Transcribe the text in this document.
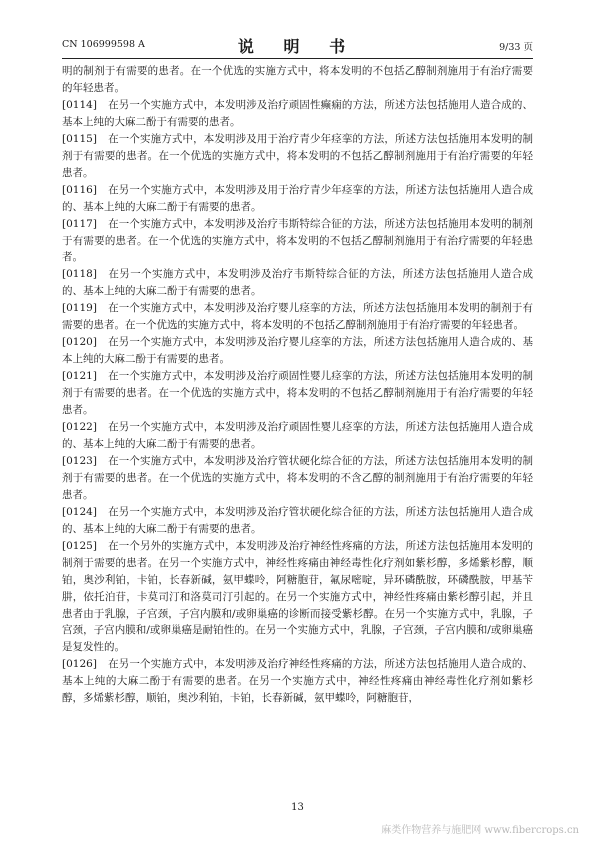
CN 106999598 A	说 明 书	9/33 页

明的制剂于有需要的患者。在一个优选的实施方式中，将本发明的不包括乙醇制剂施用于有治疗需要的年轻患者。

[0114] 在另一个实施方式中，本发明涉及治疗顽固性癫痫的方法，所述方法包括施用人造合成的、基本上纯的大麻二酚于有需要的患者。

[0115] 在一个实施方式中，本发明涉及用于治疗青少年痉挛的方法，所述方法包括施用本发明的制剂于有需要的患者。在一个优选的实施方式中，将本发明的不包括乙醇制剂施用于有治疗需要的年轻患者。

[0116] 在另一个实施方式中，本发明涉及用于治疗青少年痉挛的方法，所述方法包括施用人造合成的、基本上纯的大麻二酚于有需要的患者。

[0117] 在一个实施方式中，本发明涉及治疗韦斯特综合征的方法，所述方法包括施用本发明的制剂于有需要的患者。在一个优选的实施方式中，将本发明的不包括乙醇制剂施用于有治疗需要的年轻患者。

[0118] 在另一个实施方式中，本发明涉及治疗韦斯特综合征的方法，所述方法包括施用人造合成的、基本上纯的大麻二酚于有需要的患者。

[0119] 在一个实施方式中，本发明涉及治疗婴儿痉挛的方法，所述方法包括施用本发明的制剂于有需要的患者。在一个优选的实施方式中，将本发明的不包括乙醇制剂施用于有治疗需要的年轻患者。

[0120] 在另一个实施方式中，本发明涉及治疗婴儿痉挛的方法，所述方法包括施用人造合成的、基本上纯的大麻二酚于有需要的患者。

[0121] 在一个实施方式中，本发明涉及治疗顽固性婴儿痉挛的方法，所述方法包括施用本发明的制剂于有需要的患者。在一个优选的实施方式中，将本发明的不包括乙醇制剂施用于有治疗需要的年轻患者。

[0122] 在另一个实施方式中，本发明涉及治疗顽固性婴儿痉挛的方法，所述方法包括施用人造合成的、基本上纯的大麻二酚于有需要的患者。

[0123] 在一个实施方式中，本发明涉及治疗管状硬化综合征的方法，所述方法包括施用本发明的制剂于有需要的患者。在一个优选的实施方式中，将本发明的不含乙醇的制剂施用于有治疗需要的年轻患者。

[0124] 在另一个实施方式中，本发明涉及治疗管状硬化综合征的方法，所述方法包括施用人造合成的、基本上纯的大麻二酚于有需要的患者。

[0125] 在一个另外的实施方式中，本发明涉及治疗神经性疼痛的方法，所述方法包括施用本发明的制剂于需要的患者。在另一个实施方式中，神经性疼痛由神经毒性化疗剂如紫杉醇，多烯紫杉醇，顺铂，奥沙利铂，卡铂，长春新碱，氨甲蝶呤，阿糖胞苷，氟尿嘧啶，异环磷酰胺，环磷酰胺，甲基苄肼，依托泊苷，卡莫司汀和洛莫司汀引起的。在另一个实施方式中，神经性疼痛由紫杉醇引起，并且患者由于乳腺，子宫颈，子宫内膜和/或卵巢癌的诊断而接受紫杉醇。在另一个实施方式中，乳腺，子宫颈，子宫内膜和/或卵巢癌是耐铂性的。在另一个实施方式中，乳腺，子宫颈，子宫内膜和/或卵巢癌是复发性的。

[0126] 在另一个实施方式中，本发明涉及治疗神经性疼痛的方法，所述方法包括施用人造合成的、基本上纯的大麻二酚于有需要的患者。在另一个实施方式中，神经性疼痛由神经毒性化疗剂如紫杉醇，多烯紫杉醇，顺铂，奥沙利铂，卡铂，长春新碱，氨甲蝶呤，阿糖胞苷，

13
麻类作物营养与施肥网 www.fibercrops.cn
